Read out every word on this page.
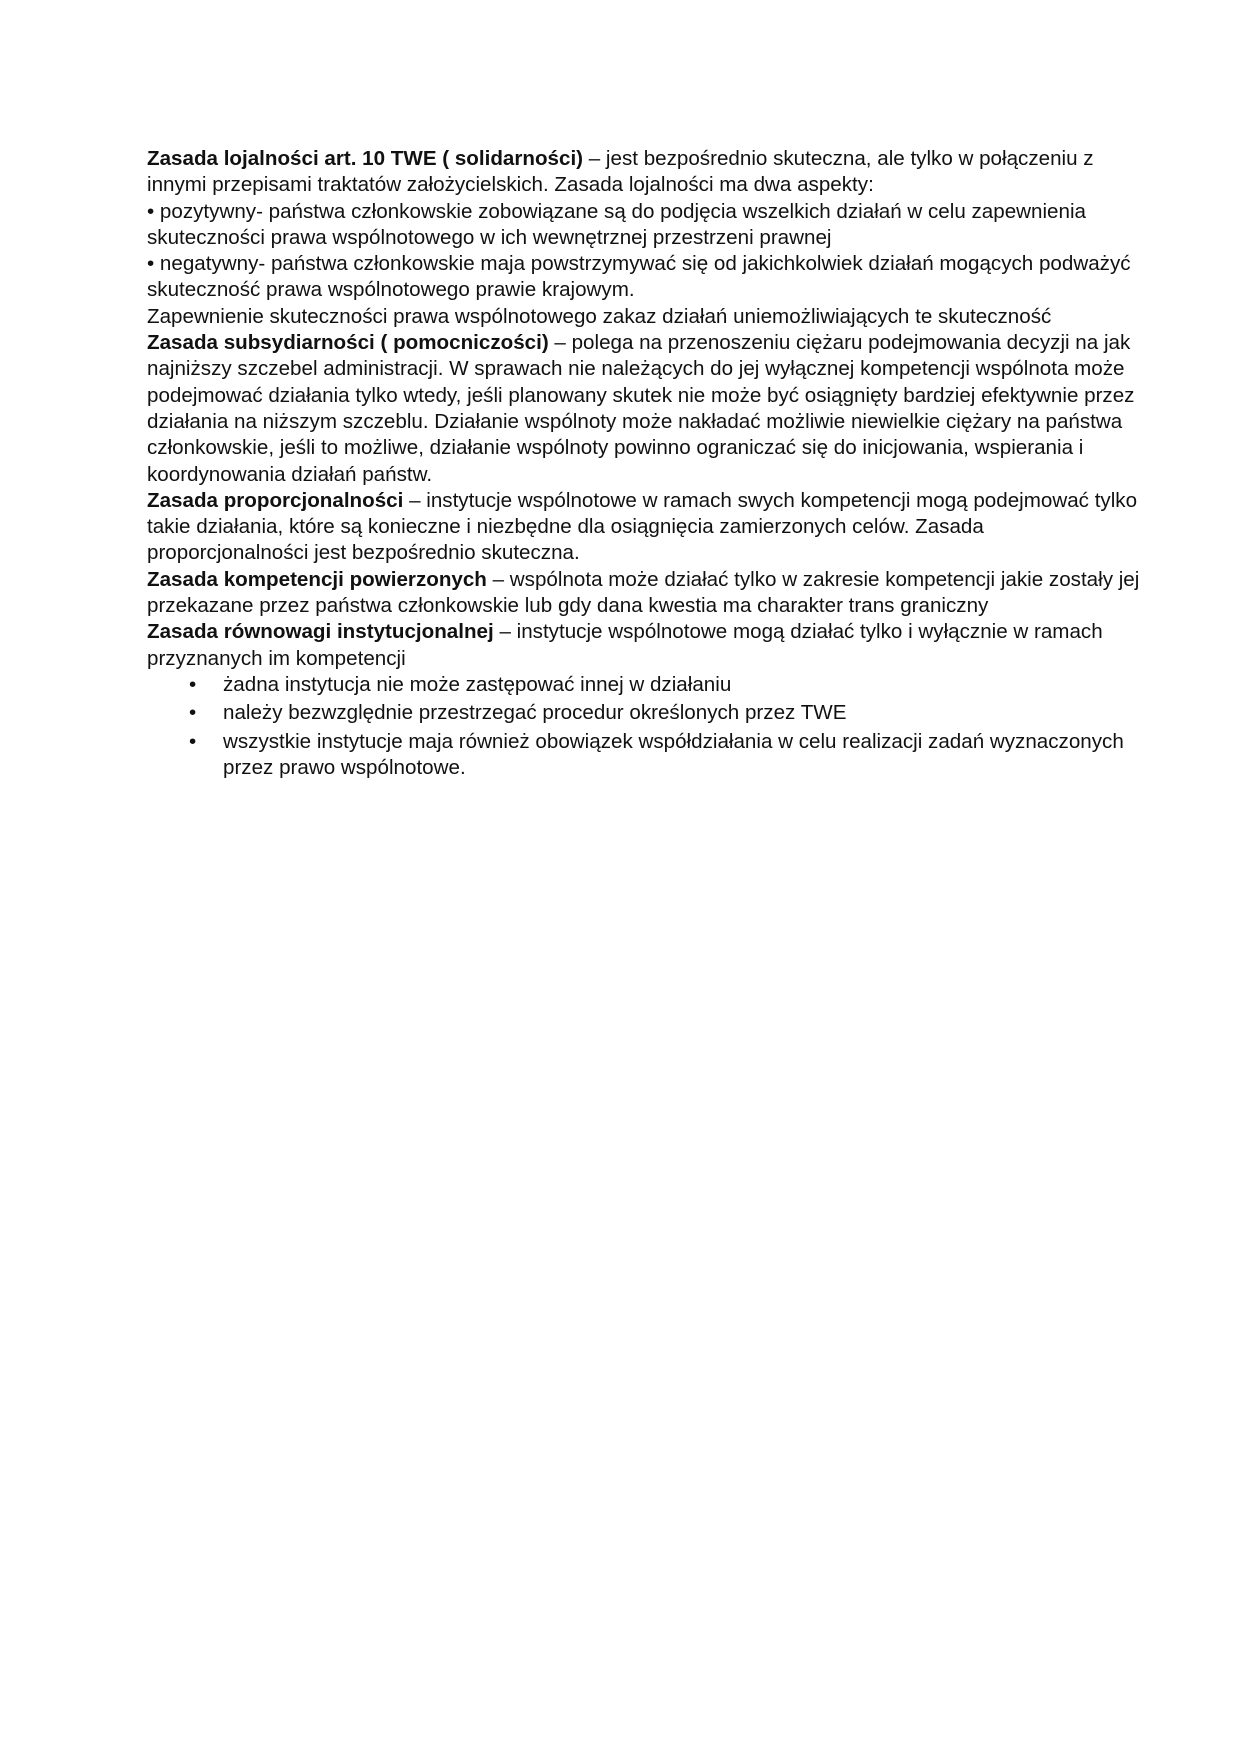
Zasada lojalności art. 10 TWE ( solidarności) – jest bezpośrednio skuteczna, ale tylko w połączeniu z innymi przepisami traktatów założycielskich. Zasada lojalności ma dwa aspekty:

• pozytywny- państwa członkowskie zobowiązane są do podjęcia wszelkich działań w celu zapewnienia skuteczności prawa wspólnotowego w ich wewnętrznej przestrzeni prawnej

• negatywny- państwa członkowskie maja powstrzymywać się od jakichkolwiek działań mogących podważyć skuteczność prawa wspólnotowego prawie krajowym.

Zapewnienie skuteczności prawa wspólnotowego zakaz działań uniemożliwiających te skuteczność

Zasada subsydiarności ( pomocniczości) – polega na przenoszeniu ciężaru podejmowania decyzji na jak najniższy szczebel administracji. W sprawach nie należących do jej wyłącznej kompetencji wspólnota może podejmować działania tylko wtedy, jeśli planowany skutek nie może być osiągnięty bardziej efektywnie przez działania na niższym szczeblu. Działanie wspólnoty może nakładać możliwie niewielkie ciężary na państwa członkowskie, jeśli to możliwe, działanie wspólnoty powinno ograniczać się do inicjowania, wspierania i koordynowania działań państw.

Zasada proporcjonalności – instytucje wspólnotowe w ramach swych kompetencji mogą podejmować tylko takie działania, które są konieczne i niezbędne dla osiągnięcia zamierzonych celów. Zasada proporcjonalności jest bezpośrednio skuteczna.

Zasada kompetencji powierzonych – wspólnota może działać tylko w zakresie kompetencji jakie zostały jej przekazane przez państwa członkowskie lub gdy dana kwestia ma charakter trans graniczny

Zasada równowagi instytucjonalnej – instytucje wspólnotowe mogą działać tylko i wyłącznie w ramach przyznanych im kompetencji

• żadna instytucja nie może zastępować innej w działaniu
• należy bezwzględnie przestrzegać procedur określonych przez TWE
• wszystkie instytucje maja również obowiązek współdziałania w celu realizacji zadań wyznaczonych przez prawo wspólnotowe.
